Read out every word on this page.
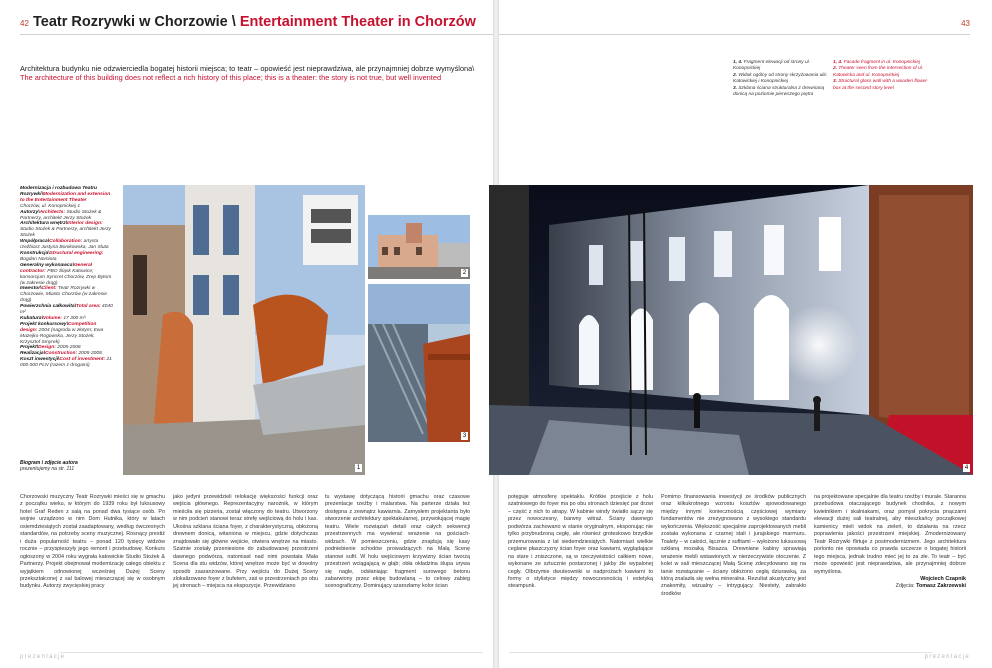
42 Teatr Rozrywki w Chorzowie \ Entertainment Theater in Chorzów
Architektura budynku nie odzwierciedla bogatej historii miejsca; to teatr – opowieść jest nieprawdziwa, ale przynajmniej dobrze wymyślona\
The architecture of this building does not reflect a rich history of this place; this is a theater: the story is not true, but well invented

Modernizacja i rozbudowa Teatru Rozrywki\Modernization and extension to the Entertainment Theater
Chorzów, ul. Konopnickiej 1

Autorzy\Architects: Studio Stożek & Partnerzy, architekt Jerzy Stożek

Architektura wnętrz\Interior design: Studio Stożek & Partnerzy, architekt Jerzy Stożek

Współpraca\Collaboration: artysta rzeźbiarz Justyna Bonikowska, Jan Sluta

Konstrukcja\Structural engineering: Bogdan Nomiota

Generalny wykonawca\General contractor: PBO Śląsk Katowice; konsorcjum Syncret Chorzów, Zrep Bytom (w zakresie drąg)

Inwestor\Client: Teatr Rozrywki w Chorzowie, Miasto Chorzów (w zakresie drąg)

Powierzchnia całkowita\Total area: 4040 m²

Kubatura\Volume: 17 300 m³

Projekt konkursowy\Competition design: 2004 (nagroda w złotym; Ewa Mazejko-Rogowska, Jerzy Stożek, Krzysztof Smyrek)

Projekt\Design: 2005-2008

Realizacja\Construction: 2005-2008

Koszt inwestycji\Cost of investment: 21 000 000 PLN (razem z drogami)

Biogram i zdjęcie autora
prezentujemy na str. 111	1
2
3
Chorzowski muzyczny Teatr Rozrywki mieści się w gmachu z początku wieku, w którym do 1939 roku był luksusowy hotel Graf Reden z salą na ponad dwa tysiące osób. Po wojnie urządzono w nim Dom Hutnika, który w latach osiemdziesiątych został zaadaptowany, według ówczesnych standardów, na potrzeby sceny muzycznej. Rosnący prestiż i duża popularność teatru – ponad 120 tysięcy widzów rocznie – przyspieszyły jego remont i przebudowę. Konkurs ogłoszony w 2004 roku wygrała katowickie Studio Stożek & Partnerzy. Projekt obejmował modernizację całego obiektu z wyjątkiem odnowionej wcześniej Dużej Sceny przekształconej z sal balowej mieszczącej się w osobnym budynku. Autorzy zwycięskiej pracy
jako jedyni przewidzieli relokację większości funkcji oraz wejścia głównego. Reprezentacyjny narożnik, w którym mieściła się pizzeria, został włączony do teatru. Utworzony w nim podcień stanowi teraz strefę wejściową do holu i kas. Ukośna szklana ściana foyer, z charakterystyczną, obłożoną drewnem donicą, witaniona w miejscu, gdzie dotychczas znajdowało się główne wejście, otwiera wnętrze na miasto. Szatnie zostały przeniesione do zabudowanej przestrzeni dawnego podwórza, natomiast nad nimi powstała Mała Scena dla stu widzów, której wnętrze może być w dowolny sposób zaaranżowane. Przy wejściu do Dużej Sceny zlokalizowano foyer z bufetem, zaś w przestrzeniach po obu jej stronach – miejsca na ekspozycje. Przewidziano
tu wystawę dotyczącą historii gmachu oraz czasowe prezentacje rzeźby i malarstwa. Na parterze działa też dostępna z zewnątrz kawiarnia. Zamysłem projektanta było stworzenie architektury spektakularnej, przywołującej magię teatru. Wiele rozwiązań detali oraz całych sekwencji przestrzennych ma wywierać wrażenie na gościach-widzach. W pomieszczeniu, gdzie znajdują się kasy podniebienie schodów prowadzących na Małą Scenę stanowi sufit. W holu wejściowym krzywizny ścian tworzą przestrzeń wciągającą w głąb; obła okładzina ślupa urywa się nagle, odsłaniając fragment surowego betonu zabarwiony przez ekipę budowlaną – to celowy zabieg scenograficzny. Dominujący szarozłamy kolor ścian
prezentacje
43
1, 4. Fragment elewacji od strony ul. Konopnickiej
2. Widok ogólny od strony skrzyżowania ulic Katowickiej i Konopnickiej
3. Szklana ściana strukturalna z drewnianą donicą na poziomie pierwszego piętra
1, 4. Facade fragment in ul. Konopnickiej
2. Theater seen from the intersection of ul. Katowicka and ul. Konopnickiej
3. Structural glass wall with a wooden flower box at the second story level
4
potęguje atmosferę spektaklu. Krótkie przejście z holu szatniowego do foyer ma po obu stronach dziesięć par drzwi – część z nich to atrapy. W kabinie windy światło sączy się przez nowoczesny, barwny witraż. Ściany dawnego podwórza zachowano w stanie oryginalnym, eksponując nie tylko przybrudzoną cegłę, ale również groteskowo brzydkie przemurowania z lat siedemdziesiątych. Natomiast wielkie ceglane płaszczyzny ścian foyer oraz kawiarni, wyglądające na stare i zniszczone, są w rzeczywistości całkiem nowe, wykonane ze sztucznie postarzonej i jakby źle wypalonej cegły. Olbrzymie dwuteowniki w nadprożach kawiarni to formy o stylistyce między nowoczesnością i estetyką steampunk.
Pomimo finansowania inwestycji ze środków publicznych oraz kilkukrotnego wzrostu kosztów spowodowanego między innymi koniecznością częściowej wymiany fundamentów nie zrezygnowano z wysokiego standardu wykończenia. Większość specjalnie zaprojektowanych mebli została wykonana z czarnej stali i jurajskiego marmuru. Toalety – w całości, łącznie z sufitami – wyłożono luksusową szklaną mozaiką Bisazza. Drewniane kabiny sprawiają wrażenie mebli wstawionych w nierzeczywiste otoczenie. Z kolei w sali mieszczącej Małą Scenę zdecydowano się na tanie rozwiązanie – ściany obłożono cegłą dziurawką, za którą znalazła się wełna mineralna. Rezultat akustyczny jest znakomity, wizualny – intrygujący. Niestety, zabrakło środków
na projektowane specjalnie dla teatru rzeźby i murale. Staranna przebudowa otaczającego budynek chodnika, z nowym kwietnikiem i skalniakami, oraz pomysł pokrycia pnączami elewacji dużej sali teatralnej, aby mieszkańcy początkowej kamienicy mieli widok na zieleń, to działania na rzecz poprawienia jakości przestrzeni miejskiej. Zmodernizowany Teatr Rozrywki flirtuje z postmodernizmem. Jego architektura porlonto nie opowiada co prawda szczerze o bogatej historii tego miejsca, jednak trudno mieć jej to za złe. To teatr – być może opowieść jest nieprawdziwa, ale przynajmniej dobrze wymyślona.
Wojciech Czapnik
Zdjęcia: Tomasz Zakrzewski
prezentacje
